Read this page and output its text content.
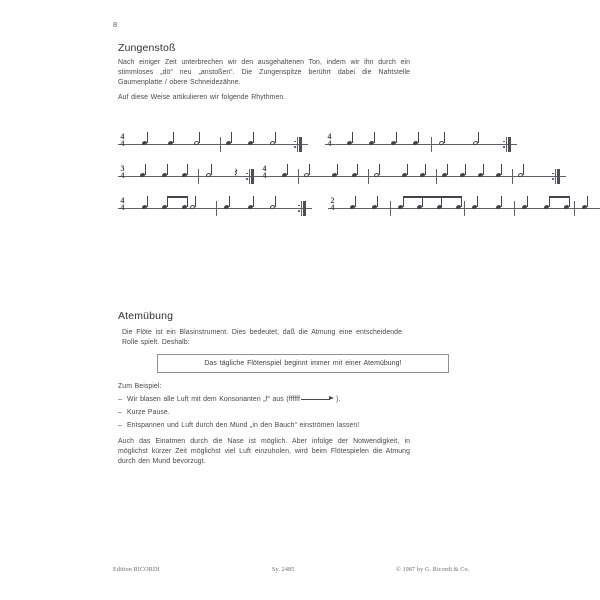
8
Zungenstoß
Nach einiger Zeit unterbrechen wir den ausgehaltenen Ton, indem wir ihn durch ein stimmloses „dö“ neu „anstoßen“. Die Zungenspitze berührt dabei die Nahtstelle Gaumenplatte / obere Schneidezähne.
Auf diese Weise artikulieren wir folgende Rhythmen.
4
4
4
4
3
4
𝄽
4
4
4
4
2
4
Atemübung
Die Flöte ist ein Blasinstrument. Dies bedeutet, daß die Atmung eine entscheidende Rolle spielt. Deshalb:
Das tägliche Flötenspiel beginnt immer mit einer Atemübung!
Zum Beispiel:
– Wir blasen alle Luft mit dem Konsonanten „f“ aus (ffffff	).
– Kurze Pause.
– Entspannen und Luft durch den Mund „in den Bauch“ einströmen lassen!
Auch das Einatmen durch die Nase ist möglich. Aber infolge der Notwendigkeit, in möglichst kürzer Zeit möglichst viel Luft einzuholen, wird beim Flötespielen die Atmung durch den Mund bevorzugt.
Edition RICORDI	Sy. 2485	© 1987 by G. Ricordi & Co.
